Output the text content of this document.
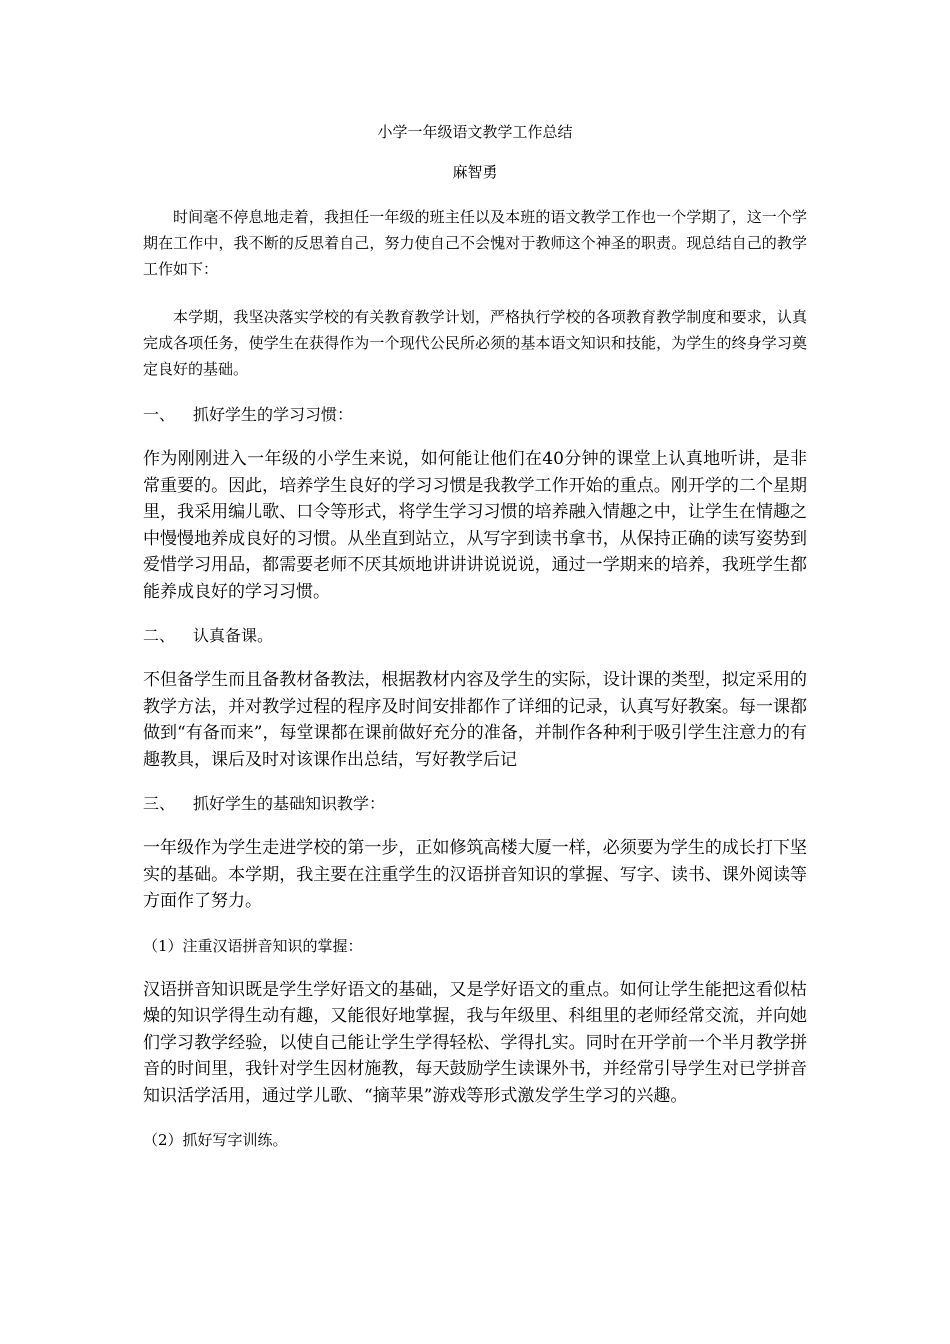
小学一年级语文教学工作总结
麻智勇

时间毫不停息地走着，我担任一年级的班主任以及本班的语文教学工作也一个学期了，这一个学期在工作中，我不断的反思着自己，努力使自己不会愧对于教师这个神圣的职责。现总结自己的教学工作如下：

本学期，我坚决落实学校的有关教育教学计划，严格执行学校的各项教育教学制度和要求，认真完成各项任务，使学生在获得作为一个现代公民所必须的基本语文知识和技能，为学生的终身学习奠定良好的基础。

一、 抓好学生的学习习惯：

作为刚刚进入一年级的小学生来说，如何能让他们在40分钟的课堂上认真地听讲，是非常重要的。因此，培养学生良好的学习习惯是我教学工作开始的重点。刚开学的二个星期里，我采用编儿歌、口令等形式，将学生学习习惯的培养融入情趣之中，让学生在情趣之中慢慢地养成良好的习惯。从坐直到站立，从写字到读书拿书，从保持正确的读写姿势到爱惜学习用品，都需要老师不厌其烦地讲讲讲说说说，通过一学期来的培养，我班学生都能养成良好的学习习惯。

二、 认真备课。

不但备学生而且备教材备教法，根据教材内容及学生的实际，设计课的类型，拟定采用的教学方法，并对教学过程的程序及时间安排都作了详细的记录，认真写好教案。每一课都做到“有备而来”，每堂课都在课前做好充分的准备，并制作各种利于吸引学生注意力的有趣教具，课后及时对该课作出总结，写好教学后记

三、 抓好学生的基础知识教学：

一年级作为学生走进学校的第一步，正如修筑高楼大厦一样，必须要为学生的成长打下坚实的基础。本学期，我主要在注重学生的汉语拼音知识的掌握、写字、读书、课外阅读等方面作了努力。

（1）注重汉语拼音知识的掌握：

汉语拼音知识既是学生学好语文的基础，又是学好语文的重点。如何让学生能把这看似枯燥的知识学得生动有趣，又能很好地掌握，我与年级里、科组里的老师经常交流，并向她们学习教学经验，以使自己能让学生学得轻松、学得扎实。同时在开学前一个半月教学拼音的时间里，我针对学生因材施教，每天鼓励学生读课外书，并经常引导学生对已学拼音知识活学活用，通过学儿歌、“摘苹果”游戏等形式激发学生学习的兴趣。

（2）抓好写字训练。
